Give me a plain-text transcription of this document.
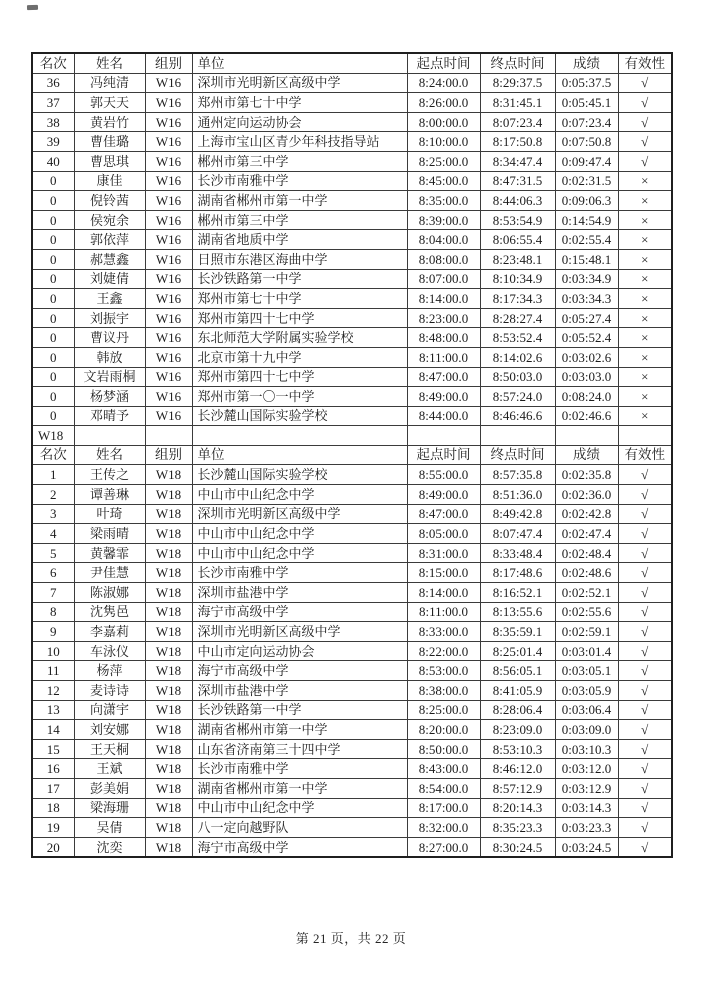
名次	姓名	组别	单位	起点时间	终点时间	成绩	有效性
36	冯纯清	W16	深圳市光明新区高级中学	8:24:00.0	8:29:37.5	0:05:37.5	√
37	郭天天	W16	郑州市第七十中学	8:26:00.0	8:31:45.1	0:05:45.1	√
38	黄岩竹	W16	通州定向运动协会	8:00:00.0	8:07:23.4	0:07:23.4	√
39	曹佳璐	W16	上海市宝山区青少年科技指导站	8:10:00.0	8:17:50.8	0:07:50.8	√
40	曹思琪	W16	郴州市第三中学	8:25:00.0	8:34:47.4	0:09:47.4	√
0	康佳	W16	长沙市南雅中学	8:45:00.0	8:47:31.5	0:02:31.5	×
0	倪铃茜	W16	湖南省郴州市第一中学	8:35:00.0	8:44:06.3	0:09:06.3	×
0	侯宛余	W16	郴州市第三中学	8:39:00.0	8:53:54.9	0:14:54.9	×
0	郭依萍	W16	湖南省地质中学	8:04:00.0	8:06:55.4	0:02:55.4	×
0	郝慧鑫	W16	日照市东港区海曲中学	8:08:00.0	8:23:48.1	0:15:48.1	×
0	刘婕倩	W16	长沙铁路第一中学	8:07:00.0	8:10:34.9	0:03:34.9	×
0	王鑫	W16	郑州市第七十中学	8:14:00.0	8:17:34.3	0:03:34.3	×
0	刘振宇	W16	郑州市第四十七中学	8:23:00.0	8:28:27.4	0:05:27.4	×
0	曹议丹	W16	东北师范大学附属实验学校	8:48:00.0	8:53:52.4	0:05:52.4	×
0	韩放	W16	北京市第十九中学	8:11:00.0	8:14:02.6	0:03:02.6	×
0	文岩雨桐	W16	郑州市第四十七中学	8:47:00.0	8:50:03.0	0:03:03.0	×
0	杨梦涵	W16	郑州市第一〇一中学	8:49:00.0	8:57:24.0	0:08:24.0	×
0	邓晴予	W16	长沙麓山国际实验学校	8:44:00.0	8:46:46.6	0:02:46.6	×
W18							
名次	姓名	组别	单位	起点时间	终点时间	成绩	有效性
1	王传之	W18	长沙麓山国际实验学校	8:55:00.0	8:57:35.8	0:02:35.8	√
2	谭善琳	W18	中山市中山纪念中学	8:49:00.0	8:51:36.0	0:02:36.0	√
3	叶琦	W18	深圳市光明新区高级中学	8:47:00.0	8:49:42.8	0:02:42.8	√
4	梁雨晴	W18	中山市中山纪念中学	8:05:00.0	8:07:47.4	0:02:47.4	√
5	黄馨霏	W18	中山市中山纪念中学	8:31:00.0	8:33:48.4	0:02:48.4	√
6	尹佳慧	W18	长沙市南雅中学	8:15:00.0	8:17:48.6	0:02:48.6	√
7	陈淑娜	W18	深圳市盐港中学	8:14:00.0	8:16:52.1	0:02:52.1	√
8	沈隽邑	W18	海宁市高级中学	8:11:00.0	8:13:55.6	0:02:55.6	√
9	李嘉莉	W18	深圳市光明新区高级中学	8:33:00.0	8:35:59.1	0:02:59.1	√
10	车泳仪	W18	中山市定向运动协会	8:22:00.0	8:25:01.4	0:03:01.4	√
11	杨萍	W18	海宁市高级中学	8:53:00.0	8:56:05.1	0:03:05.1	√
12	麦诗诗	W18	深圳市盐港中学	8:38:00.0	8:41:05.9	0:03:05.9	√
13	向潇宇	W18	长沙铁路第一中学	8:25:00.0	8:28:06.4	0:03:06.4	√
14	刘安娜	W18	湖南省郴州市第一中学	8:20:00.0	8:23:09.0	0:03:09.0	√
15	王天桐	W18	山东省济南第三十四中学	8:50:00.0	8:53:10.3	0:03:10.3	√
16	王斌	W18	长沙市南雅中学	8:43:00.0	8:46:12.0	0:03:12.0	√
17	彭美娟	W18	湖南省郴州市第一中学	8:54:00.0	8:57:12.9	0:03:12.9	√
18	梁海珊	W18	中山市中山纪念中学	8:17:00.0	8:20:14.3	0:03:14.3	√
19	吴倩	W18	八一定向越野队	8:32:00.0	8:35:23.3	0:03:23.3	√
20	沈奕	W18	海宁市高级中学	8:27:00.0	8:30:24.5	0:03:24.5	√
第 21 页，共 22 页
